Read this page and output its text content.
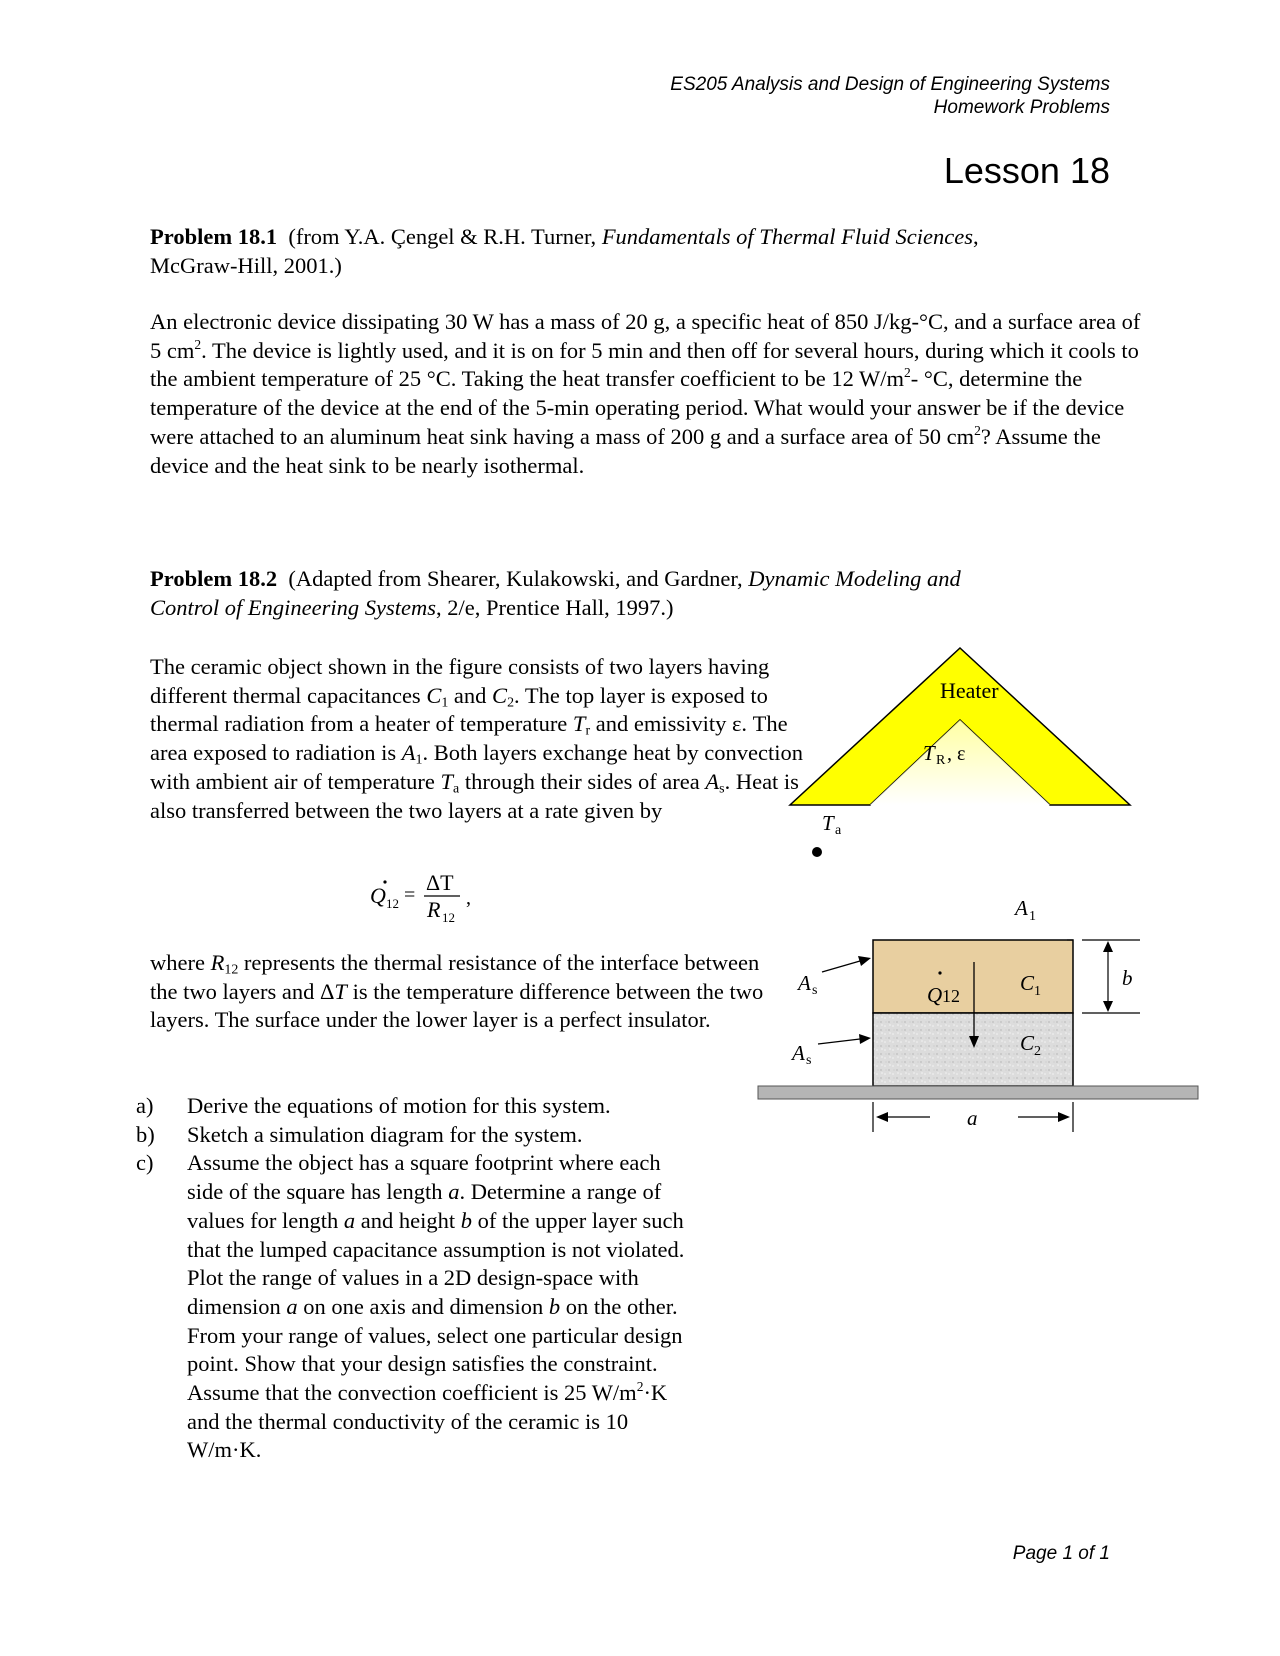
ES205 Analysis and Design of Engineering Systems
Homework Problems
Lesson 18

Problem 18.1 (from Y.A. Çengel & R.H. Turner, Fundamentals of Thermal Fluid Sciences,

McGraw-Hill, 2001.)

An electronic device dissipating 30 W has a mass of 20 g, a specific heat of 850 J/kg-°C, and a surface area of 5 $cm^2$. The device is lightly used, and it is on for 5 min and then off for several hours, during which it cools to the ambient temperature of 25 °C. Taking the heat transfer coefficient to be 12 $W/m^2-$ °C, determine the temperature of the device at the end of the 5-min operating period. What would your answer be if the device were attached to an aluminum heat sink having a mass of 200 g and a surface area of 50 $cm^2$? Assume the device and the heat sink to be nearly isothermal.

Problem 18.2 (Adapted from Shearer, Kulakowski, and Gardner, Dynamic Modeling and

Control of Engineering Systems, 2/e, Prentice Hall, 1997.)

The ceramic object shown in the figure consists of two layers having different thermal capacitances $C_1$ and $C_2$. The top layer is exposed to thermal radiation from a heater of temperature $T_r$ and emissivity ε. The area exposed to radiation is $A_1$. Both layers exchange heat by convection with ambient air of temperature $T_a$ through their sides of area $A_s$. Heat is also transferred between the two layers at a rate given by

Q 12 = ΔT
R 12
,

where $R_{12}$ represents the thermal resistance of the interface between the two layers and ΔT is the temperature difference between the two layers. The surface under the lower layer is a perfect insulator.

a)	Derive the equations of motion for this system.
b)	Sketch a simulation diagram for the system.
c)	Assume the object has a square footprint where each side of the square has length a. Determine a range of values for length a and height b of the upper layer such that the lumped capacitance assumption is not violated. Plot the range of values in a 2D design-space with dimension a on one axis and dimension b on the other. From your range of values, select one particular design point. Show that your design satisfies the constraint. Assume that the convection coefficient is 25 $W/m^2\cdot K$ and the thermal conductivity of the ceramic is 10 W/m·K.
Heater
T R , ε
T a
A 1
C 1
C 2
Q 12
A s
A s
b
a
Page 1 of 1
